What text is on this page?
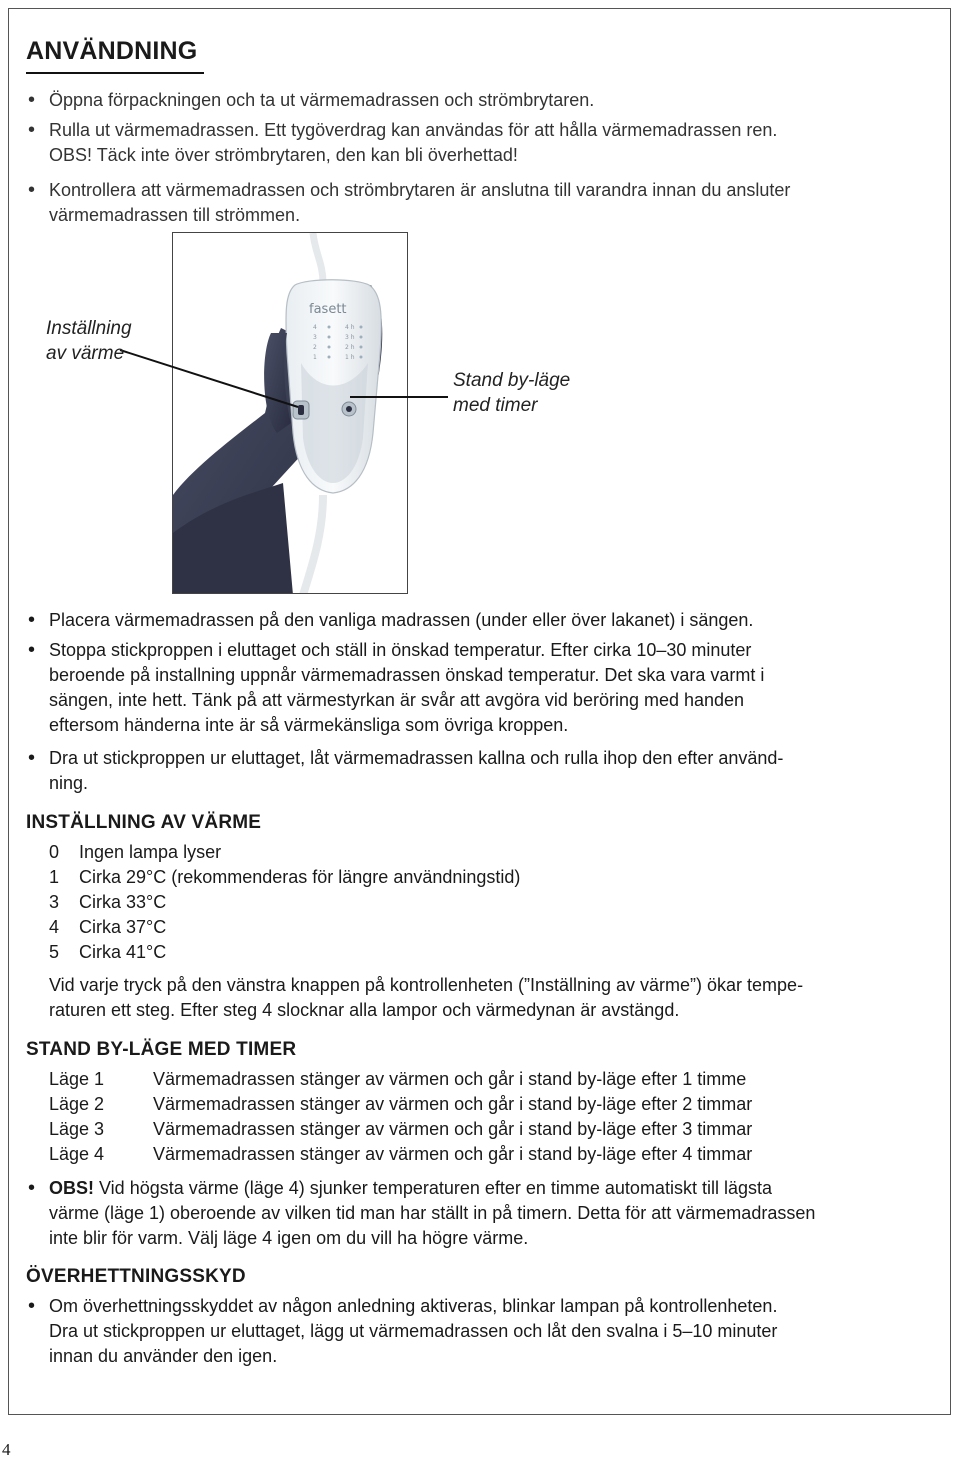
ANVÄNDNING

• Öppna förpackningen och ta ut värmemadrassen och strömbrytaren.

• Rulla ut värmemadrassen. Ett tygöverdrag kan användas för att hålla värmemadrassen ren.

OBS! Täck inte över strömbrytaren, den kan bli överhettad!

• Kontrollera att värmemadrassen och strömbrytaren är anslutna till varandra innan du ansluter

värmemadrassen till strömmen.

fasett
4
3
2
1
4 h
3 h
2 h
1 h
Inställning
av värme
Stand by-läge
med timer

• Placera värmemadrassen på den vanliga madrassen (under eller över lakanet) i sängen.

• Stoppa stickproppen i eluttaget och ställ in önskad temperatur. Efter cirka 10–30 minuter

beroende på installning uppnår värmemadrassen önskad temperatur. Det ska vara varmt i

sängen, inte hett. Tänk på att värmestyrkan är svår att avgöra vid beröring med handen

eftersom händerna inte är så värmekänsliga som övriga kroppen.

• Dra ut stickproppen ur eluttaget, låt värmemadrassen kallna och rulla ihop den efter använd-

ning.

INSTÄLLNING AV VÄRME
0 Ingen lampa lyser
1 Cirka 29°C (rekommenderas för längre användningstid)
3 Cirka 33°C
4 Cirka 37°C
5 Cirka 41°C

Vid varje tryck på den vänstra knappen på kontrollenheten (”Inställning av värme”) ökar tempe-

raturen ett steg. Efter steg 4 slocknar alla lampor och värmedynan är avstängd.

STAND BY-LÄGE MED TIMER
Läge 1	Värmemadrassen stänger av värmen och går i stand by-läge efter 1 timme
Läge 2	Värmemadrassen stänger av värmen och går i stand by-läge efter 2 timmar
Läge 3	Värmemadrassen stänger av värmen och går i stand by-läge efter 3 timmar
Läge 4	Värmemadrassen stänger av värmen och går i stand by-läge efter 4 timmar

• OBS! Vid högsta värme (läge 4) sjunker temperaturen efter en timme automatiskt till lägsta

värme (läge 1) oberoende av vilken tid man har ställt in på timern. Detta för att värmemadrassen

inte blir för varm. Välj läge 4 igen om du vill ha högre värme.

ÖVERHETTNINGSSKYD

• Om överhettningsskyddet av någon anledning aktiveras, blinkar lampan på kontrollenheten.

Dra ut stickproppen ur eluttaget, lägg ut värmemadrassen och låt den svalna i 5–10 minuter

innan du använder den igen.

4
